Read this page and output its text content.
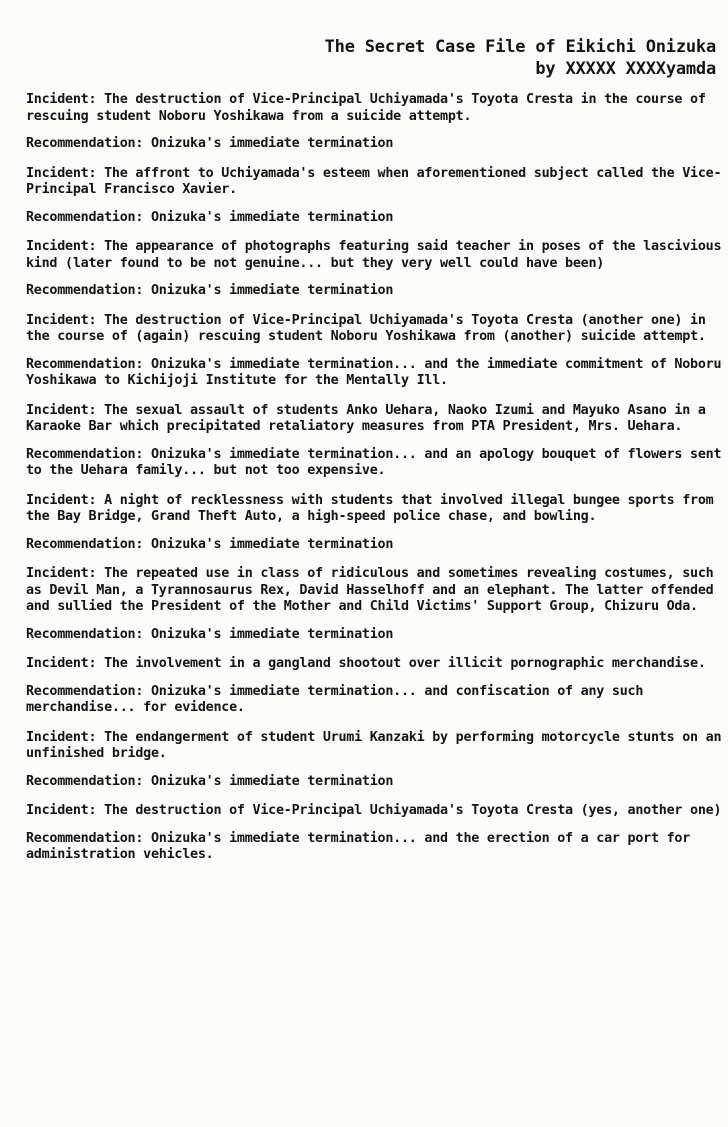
The Secret Case File of Eikichi Onizuka
by XXXXX XXXXyamda

Incident: The destruction of Vice-Principal Uchiyamada's Toyota Cresta in the course of rescuing student Noboru Yoshikawa from a suicide attempt.

Recommendation: Onizuka's immediate termination

Incident: The affront to Uchiyamada's esteem when aforementioned subject called the Vice-Principal Francisco Xavier.

Recommendation: Onizuka's immediate termination

Incident: The appearance of photographs featuring said teacher in poses of the lascivious kind (later found to be not genuine... but they very well could have been)

Recommendation: Onizuka's immediate termination

Incident: The destruction of Vice-Principal Uchiyamada's Toyota Cresta (another one) in the course of (again) rescuing student Noboru Yoshikawa from (another) suicide attempt.

Recommendation: Onizuka's immediate termination... and the immediate commitment of Noboru Yoshikawa to Kichijoji Institute for the Mentally Ill.

Incident: The sexual assault of students Anko Uehara, Naoko Izumi and Mayuko Asano in a Karaoke Bar which precipitated retaliatory measures from PTA President, Mrs. Uehara.

Recommendation: Onizuka's immediate termination... and an apology bouquet of flowers sent to the Uehara family... but not too expensive.

Incident: A night of recklessness with students that involved illegal bungee sports from the Bay Bridge, Grand Theft Auto, a high-speed police chase, and bowling.

Recommendation: Onizuka's immediate termination

Incident: The repeated use in class of ridiculous and sometimes revealing costumes, such as Devil Man, a Tyrannosaurus Rex, David Hasselhoff and an elephant. The latter offended and sullied the President of the Mother and Child Victims' Support Group, Chizuru Oda.

Recommendation: Onizuka's immediate termination

Incident: The involvement in a gangland shootout over illicit pornographic merchandise.

Recommendation: Onizuka's immediate termination... and confiscation of any such merchandise... for evidence.

Incident: The endangerment of student Urumi Kanzaki by performing motorcycle stunts on an unfinished bridge.

Recommendation: Onizuka's immediate termination

Incident: The destruction of Vice-Principal Uchiyamada's Toyota Cresta (yes, another one)

Recommendation: Onizuka's immediate termination... and the erection of a car port for administration vehicles.
